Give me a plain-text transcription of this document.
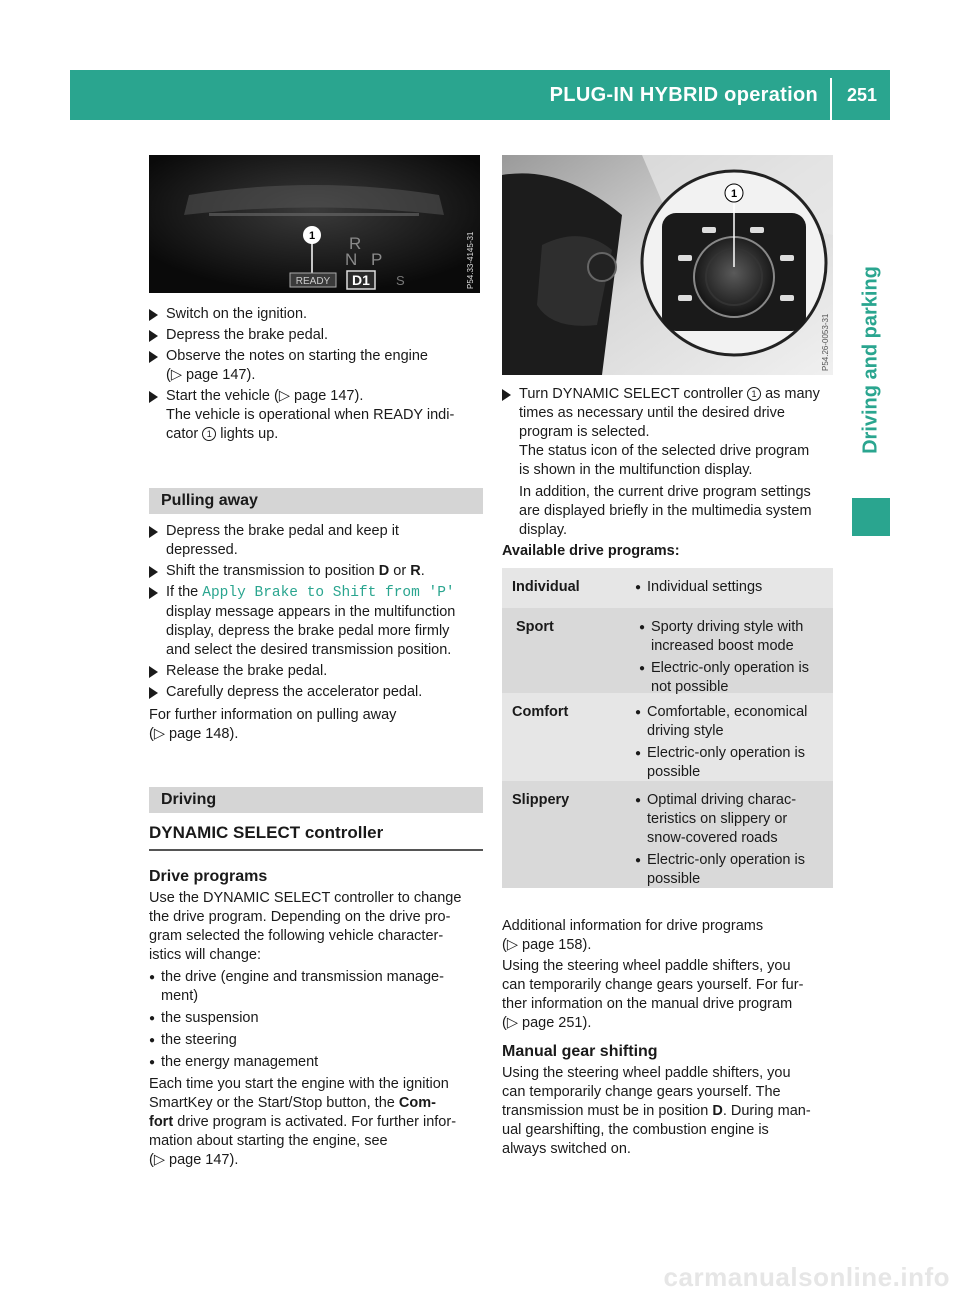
PLUG-IN HYBRID operation	251
Driving and parking
1 R
N P
READY D1 S	P54.33-4145-31
1
P54.26-0053-31
Switch on the ignition.
Depress the brake pedal.
Observe the notes on starting the engine
(▷ page 147).
Start the vehicle (▷ page 147).
The vehicle is operational when READY indi-
cator 1 lights up.
Pulling away
Depress the brake pedal and keep it
depressed.
Shift the transmission to position D or R.
If the Apply Brake to Shift from 'P'
display message appears in the multifunction
display, depress the brake pedal more firmly
and select the desired transmission position.
Release the brake pedal.
Carefully depress the accelerator pedal.

For further information on pulling away
(▷ page 148).

Driving
DYNAMIC SELECT controller
Drive programs

Use the DYNAMIC SELECT controller to change
the drive program. Depending on the drive pro-
gram selected the following vehicle character-
istics will change:

● the drive (engine and transmission manage-
ment)
● the suspension
● the steering
● the energy management

Each time you start the engine with the ignition
SmartKey or the Start/Stop button, the Com-
fort drive program is activated. For further infor-
mation about starting the engine, see
(▷ page 147).

Turn DYNAMIC SELECT controller 1 as many
times as necessary until the desired drive
program is selected.
The status icon of the selected drive program
is shown in the multifunction display.
In addition, the current drive program settings
are displayed briefly in the multimedia system
display.
Available drive programs:
Individual	● Individual settings
Sport	● Sporty driving style with
increased boost mode
● Electric-only operation is
not possible
Comfort	● Comfortable, economical
driving style
● Electric-only operation is
possible
Slippery	● Optimal driving charac-
teristics on slippery or
snow-covered roads
● Electric-only operation is
possible

Additional information for drive programs
(▷ page 158).

Using the steering wheel paddle shifters, you
can temporarily change gears yourself. For fur-
ther information on the manual drive program
(▷ page 251).

Manual gear shifting

Using the steering wheel paddle shifters, you
can temporarily change gears yourself. The
transmission must be in position D. During man-
ual gearshifting, the combustion engine is
always switched on.

carmanualsonline.info
